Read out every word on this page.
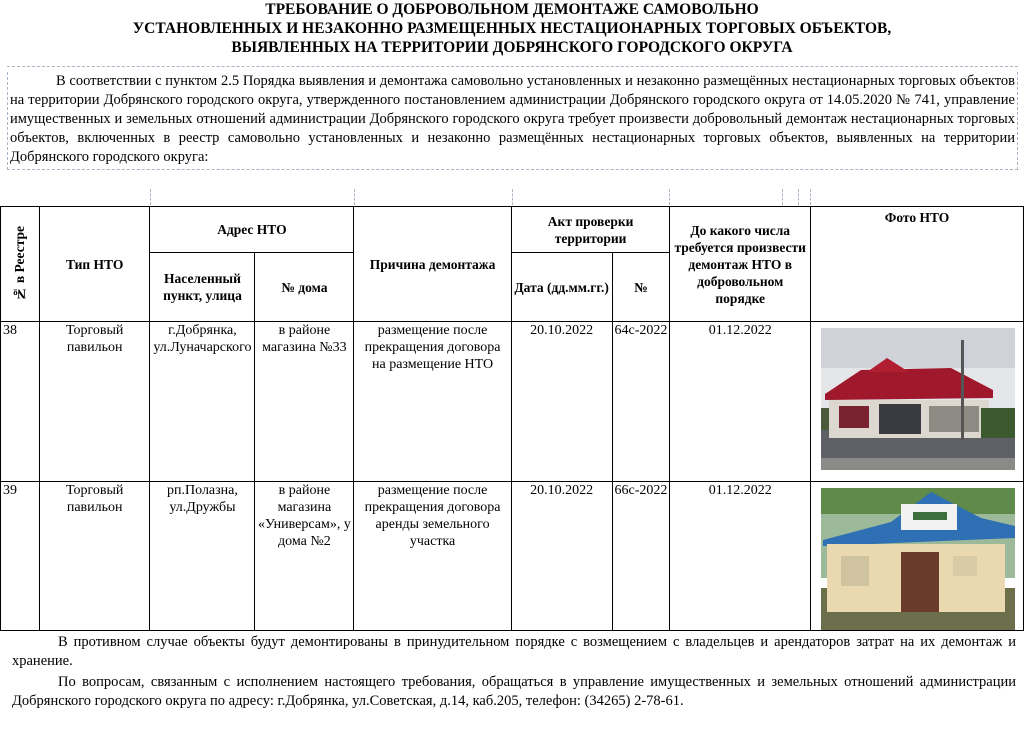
ТРЕБОВАНИЕ О ДОБРОВОЛЬНОМ ДЕМОНТАЖЕ САМОВОЛЬНО
УСТАНОВЛЕННЫХ И НЕЗАКОННО РАЗМЕЩЕННЫХ НЕСТАЦИОНАРНЫХ ТОРГОВЫХ ОБЪЕКТОВ,
ВЫЯВЛЕННЫХ НА ТЕРРИТОРИИ ДОБРЯНСКОГО ГОРОДСКОГО ОКРУГА

В соответствии с пунктом 2.5 Порядка выявления и демонтажа самовольно установленных и незаконно размещённых нестационарных торговых объектов на территории Добрянского городского округа, утвержденного постановлением администрации Добрянского городского округа от 14.05.2020 № 741, управление имущественных и земельных отношений администрации Добрянского городского округа требует произвести добровольный демонтаж нестационарных торговых объектов, включенных в реестр самовольно установленных и незаконно размещённых нестационарных торговых объектов, выявленных на территории Добрянского городского округа:

№ в Реестре	Тип НТО	Адрес НТО		Причина демонтажа	Акт проверки территории		До какого числа требуется произвести демонтаж НТО в добровольном порядке	Фото НТО
		Населенный пункт, улица	№ дома		Дата (дд.мм.гг.)	№		
38	Торговый павильон	г.Добрянка, ул.Луначарского	в районе магазина №33	размещение после прекращения договора на размещение НТО	20.10.2022	64с-2022	01.12.2022	

39	Торговый павильон	рп.Полазна, ул.Дружбы	в районе магазина «Универсам», у дома №2	размещение после прекращения договора аренды земельного участка	20.10.2022	66с-2022	01.12.2022	

В противном случае объекты будут демонтированы в принудительном порядке с возмещением с владельцев и арендаторов затрат на их демонтаж и хранение.

По вопросам, связанным с исполнением настоящего требования, обращаться в управление имущественных и земельных отношений администрации Добрянского городского округа по адресу: г.Добрянка, ул.Советская, д.14, каб.205, телефон: (34265) 2-78-61.
